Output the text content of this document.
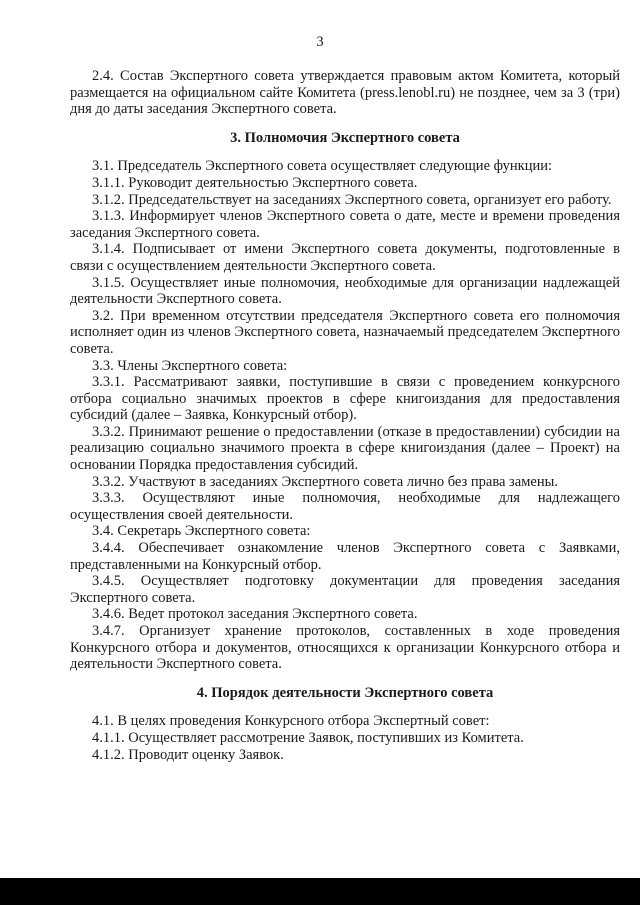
3

2.4. Состав Экспертного совета утверждается правовым актом Комитета, который размещается на официальном сайте Комитета (press.lenobl.ru) не позднее, чем за 3 (три) дня до даты заседания Экспертного совета.

3. Полномочия Экспертного совета

3.1. Председатель Экспертного совета осуществляет следующие функции:

3.1.1. Руководит деятельностью Экспертного совета.

3.1.2. Председательствует на заседаниях Экспертного совета, организует его работу.

3.1.3. Информирует членов Экспертного совета о дате, месте и времени проведения заседания Экспертного совета.

3.1.4. Подписывает от имени Экспертного совета документы, подготовленные в связи с осуществлением деятельности Экспертного совета.

3.1.5. Осуществляет иные полномочия, необходимые для организации надлежащей деятельности Экспертного совета.

3.2. При временном отсутствии председателя Экспертного совета его полномочия исполняет один из членов Экспертного совета, назначаемый председателем Экспертного совета.

3.3. Члены Экспертного совета:

3.3.1. Рассматривают заявки, поступившие в связи с проведением конкурсного отбора социально значимых проектов в сфере книгоиздания для предоставления субсидий (далее – Заявка, Конкурсный отбор).

3.3.2. Принимают решение о предоставлении (отказе в предоставлении) субсидии на реализацию социально значимого проекта в сфере книгоиздания (далее – Проект) на основании Порядка предоставления субсидий.

3.3.2. Участвуют в заседаниях Экспертного совета лично без права замены.

3.3.3. Осуществляют иные полномочия, необходимые для надлежащего осуществления своей деятельности.

3.4. Секретарь Экспертного совета:

3.4.4. Обеспечивает ознакомление членов Экспертного совета с Заявками, представленными на Конкурсный отбор.

3.4.5. Осуществляет подготовку документации для проведения заседания Экспертного совета.

3.4.6. Ведет протокол заседания Экспертного совета.

3.4.7. Организует хранение протоколов, составленных в ходе проведения Конкурсного отбора и документов, относящихся к организации Конкурсного отбора и деятельности Экспертного совета.

4. Порядок деятельности Экспертного совета

4.1. В целях проведения Конкурсного отбора Экспертный совет:

4.1.1. Осуществляет рассмотрение Заявок, поступивших из Комитета.

4.1.2. Проводит оценку Заявок.
